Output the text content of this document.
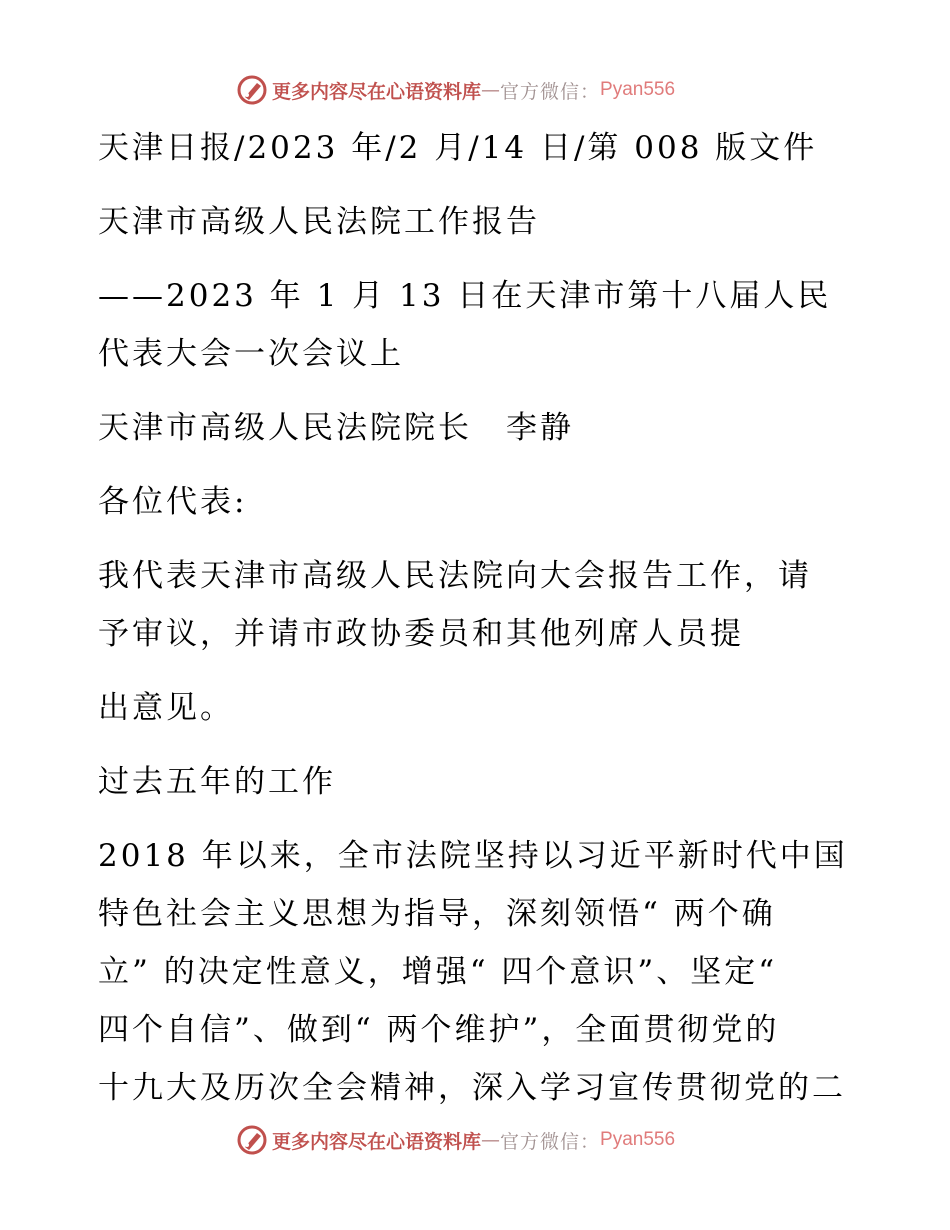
更多内容尽在心语资料库 — 官方微信： Pyan556
天津日报/2023 年/2 月/14 日/第 008 版文件
天津市高级人民法院工作报告
——2023 年 1 月 13 日在天津市第十八届人民
代表大会一次会议上
天津市高级人民法院院长　李静
各位代表:
我代表天津市高级人民法院向大会报告工作，请
予审议，并请市政协委员和其他列席人员提
出意见。
过去五年的工作
2018 年以来，全市法院坚持以习近平新时代中国
特色社会主义思想为指导，深刻领悟“ 两个确
立” 的决定性意义，增强“ 四个意识”、坚定“
四个自信”、做到“ 两个维护”，全面贯彻党的
十九大及历次全会精神，深入学习宣传贯彻党的二
更多内容尽在心语资料库 — 官方微信： Pyan556
